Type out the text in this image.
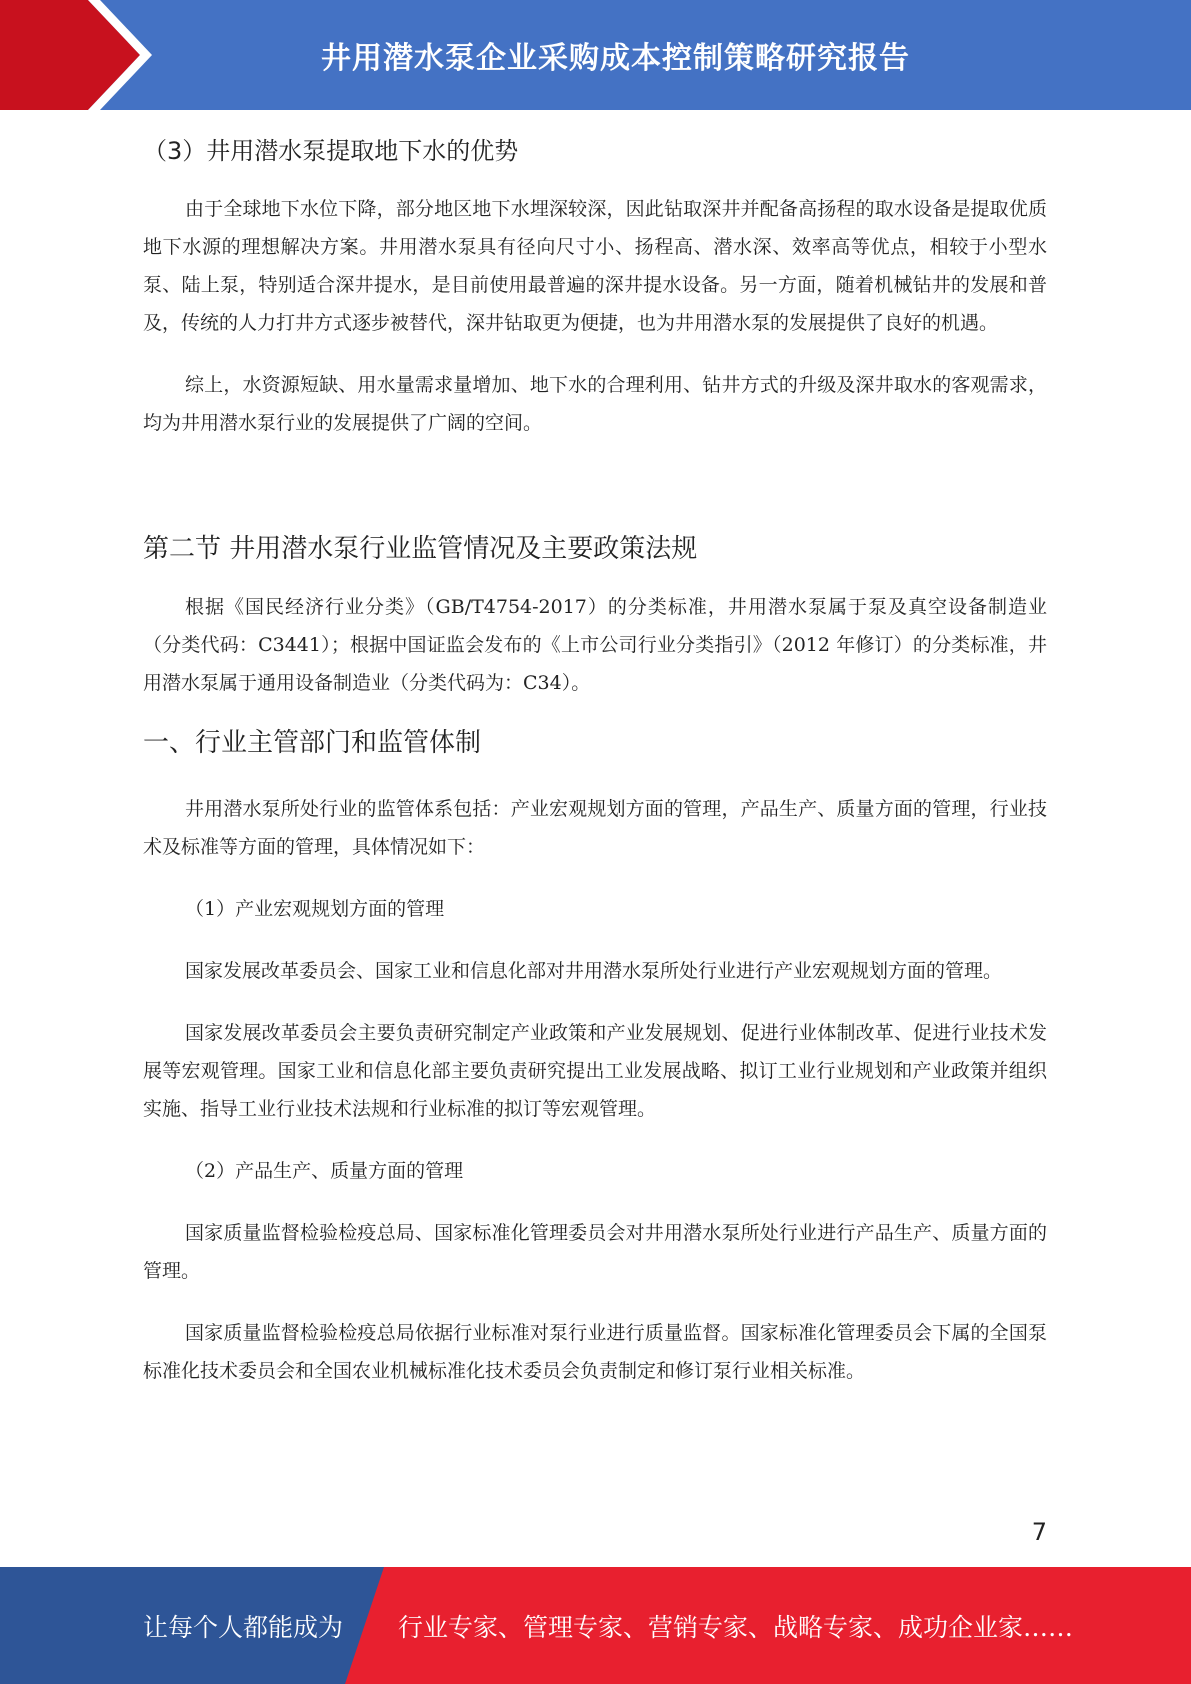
井用潜水泵企业采购成本控制策略研究报告
（3）井用潜水泵提取地下水的优势

由于全球地下水位下降，部分地区地下水埋深较深，因此钻取深井并配备高扬程的取水设备是提取优质地下水源的理想解决方案。井用潜水泵具有径向尺寸小、扬程高、潜水深、效率高等优点，相较于小型水泵、陆上泵，特别适合深井提水，是目前使用最普遍的深井提水设备。另一方面，随着机械钻井的发展和普及，传统的人力打井方式逐步被替代，深井钻取更为便捷，也为井用潜水泵的发展提供了良好的机遇。

综上，水资源短缺、用水量需求量增加、地下水的合理利用、钻井方式的升级及深井取水的客观需求，均为井用潜水泵行业的发展提供了广阔的空间。

第二节 井用潜水泵行业监管情况及主要政策法规

根据《国民经济行业分类》（GB/T4754-2017）的分类标准，井用潜水泵属于泵及真空设备制造业（分类代码：C3441）；根据中国证监会发布的《上市公司行业分类指引》（2012 年修订）的分类标准，井用潜水泵属于通用设备制造业（分类代码为：C34）。

一、行业主管部门和监管体制

井用潜水泵所处行业的监管体系包括：产业宏观规划方面的管理，产品生产、质量方面的管理，行业技术及标准等方面的管理，具体情况如下：

（1）产业宏观规划方面的管理

国家发展改革委员会、国家工业和信息化部对井用潜水泵所处行业进行产业宏观规划方面的管理。

国家发展改革委员会主要负责研究制定产业政策和产业发展规划、促进行业体制改革、促进行业技术发展等宏观管理。国家工业和信息化部主要负责研究提出工业发展战略、拟订工业行业规划和产业政策并组织实施、指导工业行业技术法规和行业标准的拟订等宏观管理。

（2）产品生产、质量方面的管理

国家质量监督检验检疫总局、国家标准化管理委员会对井用潜水泵所处行业进行产品生产、质量方面的管理。

国家质量监督检验检疫总局依据行业标准对泵行业进行质量监督。国家标准化管理委员会下属的全国泵标准化技术委员会和全国农业机械标准化技术委员会负责制定和修订泵行业相关标准。

7
让每个人都能成为 行业专家、管理专家、营销专家、战略专家、成功企业家……
